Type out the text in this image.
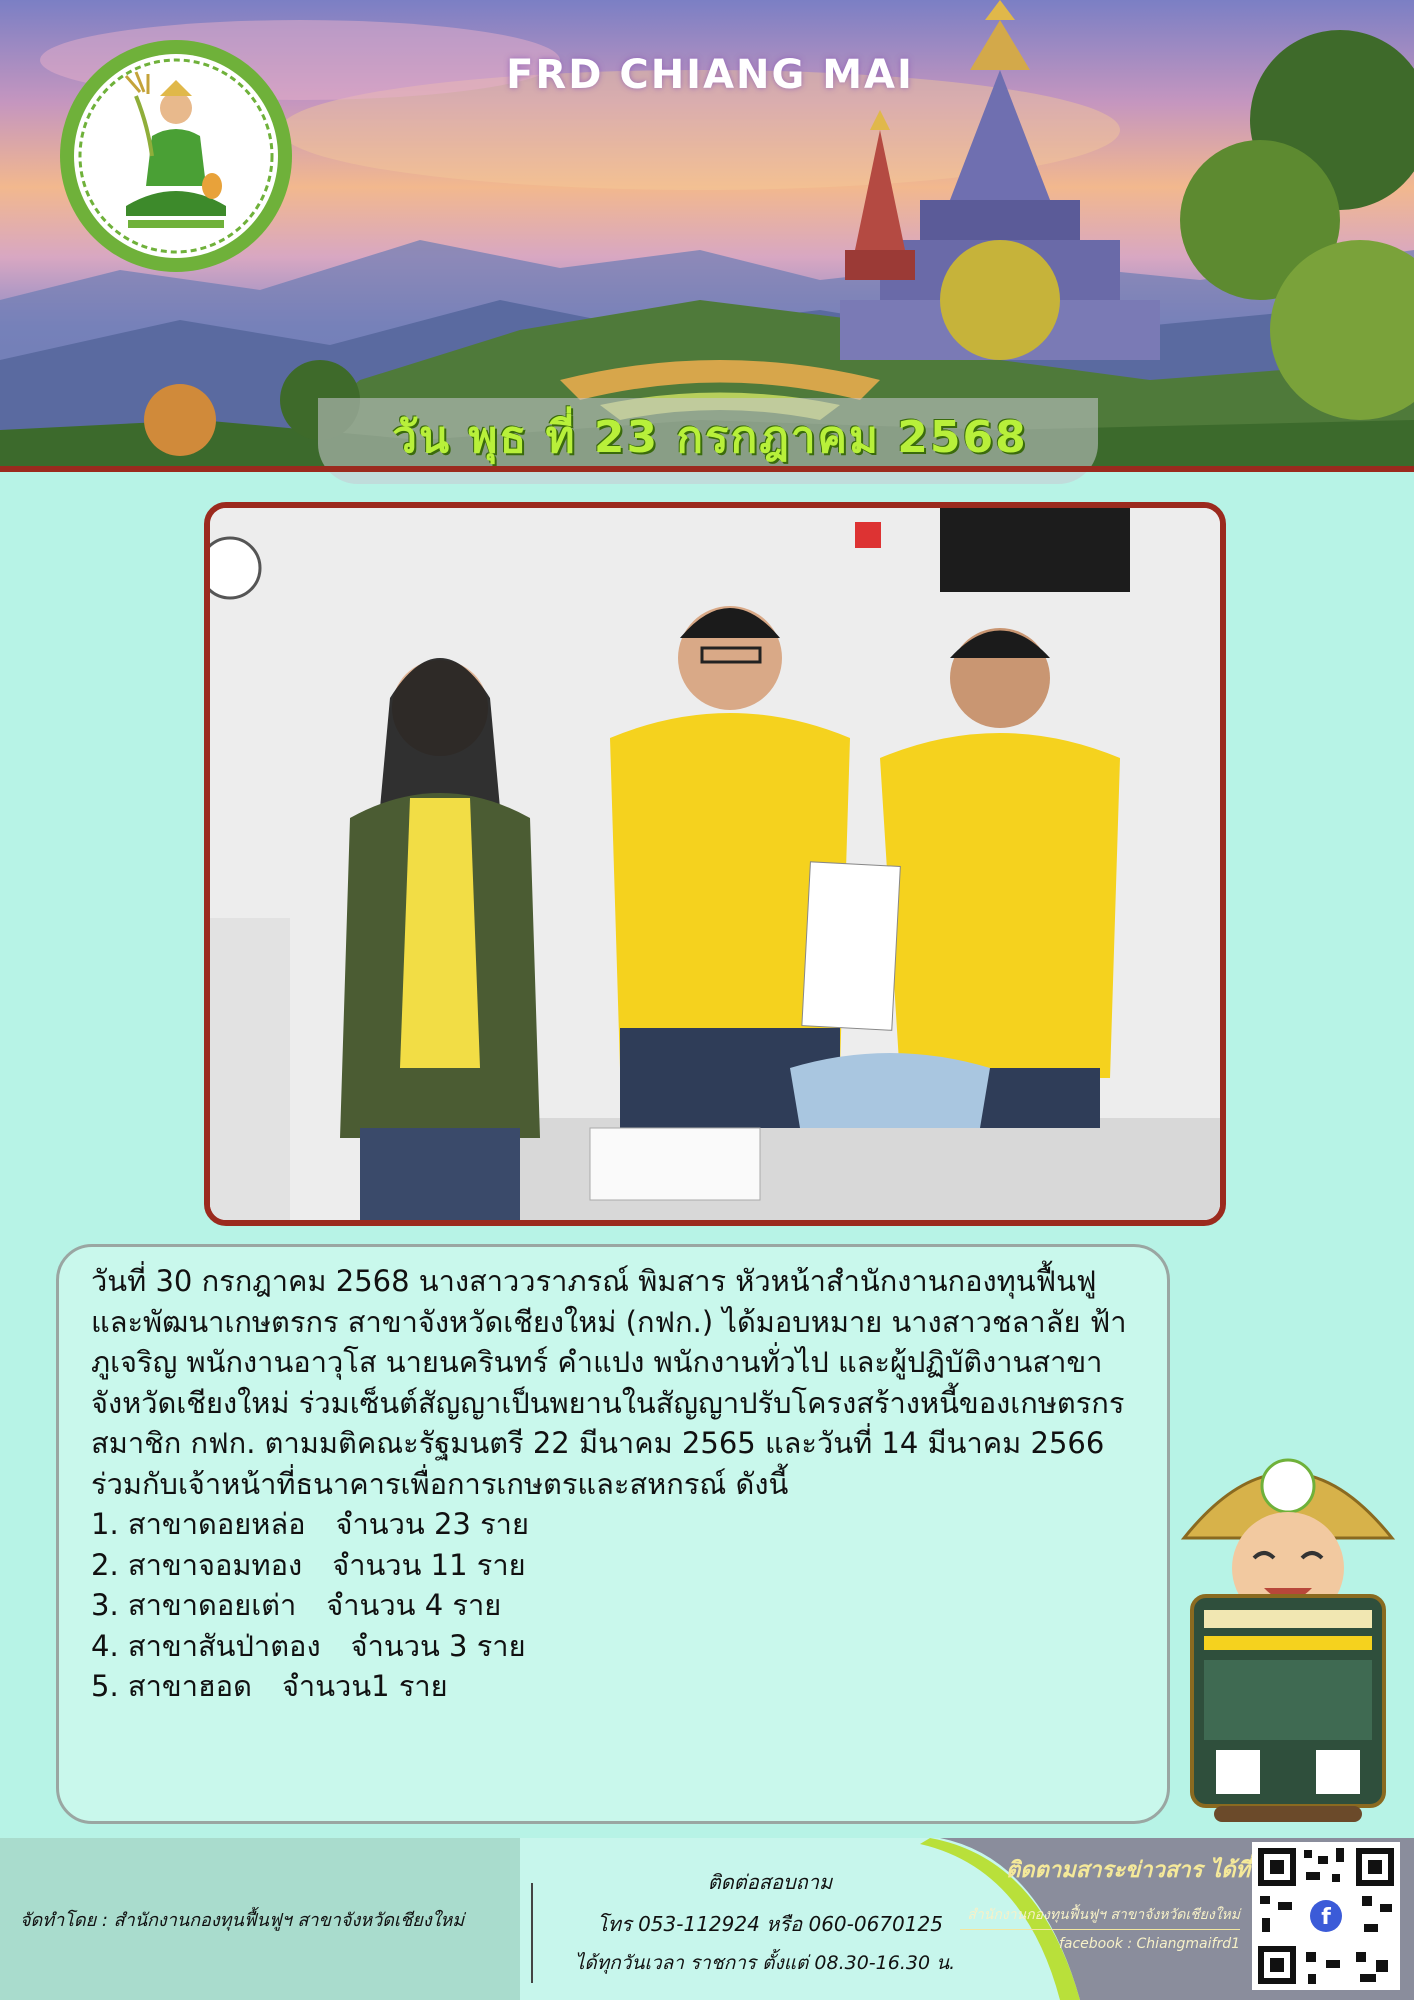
FRD CHIANG MAI
วัน พุธ ที่ 23 กรกฎาคม 2568

วันที่ 30 กรกฎาคม 2568 นางสาววราภรณ์ พิมสาร หัวหน้าสำนักงานกองทุนฟื้นฟูและพัฒนาเกษตรกร สาขาจังหวัดเชียงใหม่ (กฟก.) ได้มอบหมาย นางสาวชลาลัย ฟ้าภูเจริญ พนักงานอาวุโส นายนครินทร์ คำแปง พนักงานทั่วไป และผู้ปฏิบัติงานสาขาจังหวัดเชียงใหม่ ร่วมเซ็นต์สัญญาเป็นพยานในสัญญาปรับโครงสร้างหนี้ของเกษตรกรสมาชิก กฟก. ตามมติคณะรัฐมนตรี 22 มีนาคม 2565 และวันที่ 14 มีนาคม 2566 ร่วมกับเจ้าหน้าที่ธนาคารเพื่อการเกษตรและสหกรณ์ ดังนี้

1. สาขาดอยหล่อ จำนวน 23 ราย
2. สาขาจอมทอง จำนวน 11 ราย
3. สาขาดอยเต่า จำนวน 4 ราย
4. สาขาสันป่าตอง จำนวน 3 ราย
5. สาขาฮอด จำนวน1 ราย
จัดทำโดย : สำนักงานกองทุนฟื้นฟูฯ สาขาจังหวัดเชียงใหม่
ติดต่อสอบถาม
โทร 053-112924 หรือ 060-0670125
ได้ทุกวันเวลา ราชการ ตั้งแต่ 08.30-16.30 น.
ติดตามสาระข่าวสาร ได้ที่
สำนักงานกองทุนฟื้นฟูฯ สาขาจังหวัดเชียงใหม่
facebook : Chiangmaifrd1
f
